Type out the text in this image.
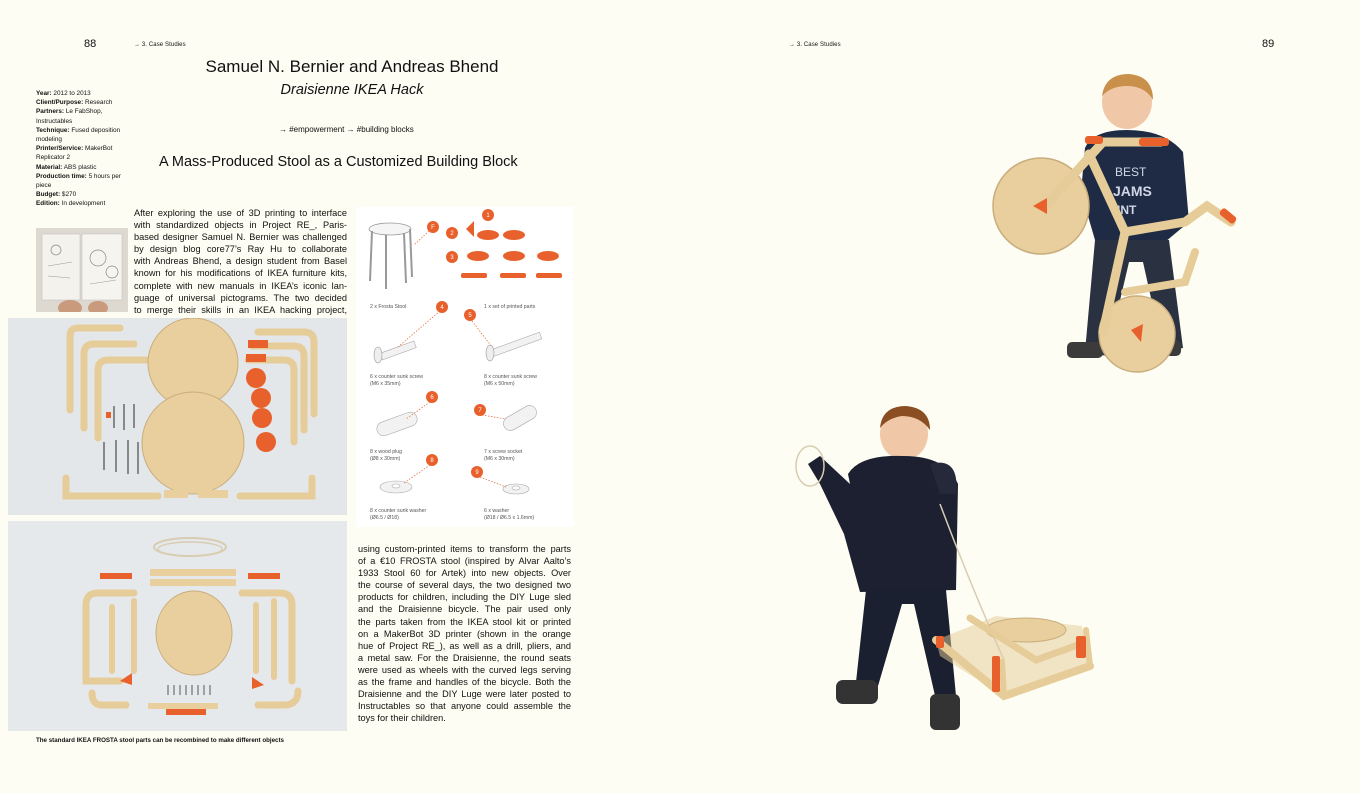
88	→ 3. Case Studies
Samuel N. Bernier and Andreas Bhend
Draisienne IKEA Hack
→ #empowerment → #building blocks
A Mass-Produced Stool as a Customized Building Block
Year: 2012 to 2013
Client/Purpose: Research
Partners: Le FabShop, Instructables
Technique: Fused deposition modeling
Printer/Service: MakerBot Replicator 2
Material: ABS plastic
Production time: 5 hours per piece
Budget: $270
Edition: In development
After exploring the use of 3D printing to interface
with standardized objects in Project RE_, Paris-
based designer Samuel N. Bernier was challenged
by design blog core77’s Ray Hu to collaborate
with Andreas Bhend, a design student from Basel
known for his modifications of IKEA furniture kits,
complete with new manuals in IKEA’s iconic lan-
guage of universal pictograms. The two decided
to merge their skills in an IKEA hacking project,
1
2
3
4
5
6
7
8
9
F
2 x Frosta Stool	1 x set of printed parts
6 x counter sunk screw
(M6 x 35mm)
8 x counter sunk screw
(M6 x 50mm)
8 x wood plug
(Ø8 x 30mm)
7 x screw socket
(M6 x 30mm)
8 x counter sunk washer
(Ø6.5 / Ø18)
6 x washer
(Ø18 / Ø6.5 x 1.6mm)
using custom-printed items to transform the parts
of a €10 FROSTA stool (inspired by Alvar Aalto’s
1933 Stool 60 for Artek) into new objects. Over
the course of several days, the two designed two
products for children, including the DIY Luge sled
and the Draisienne bicycle. The pair used only
the parts taken from the IKEA stool kit or printed
on a MakerBot 3D printer (shown in the orange
hue of Project RE_), as well as a drill, pliers, and
a metal saw. For the Draisienne, the round seats
were used as wheels with the curved legs serving
as the frame and handles of the bicycle. Both the
Draisienne and the DIY Luge were later posted to
Instructables so that anyone could assemble the
toys for their children.
The standard IKEA FROSTA stool parts can be recombined to make different objects
→ 3. Case Studies	89
BEST
JAMS
INT
